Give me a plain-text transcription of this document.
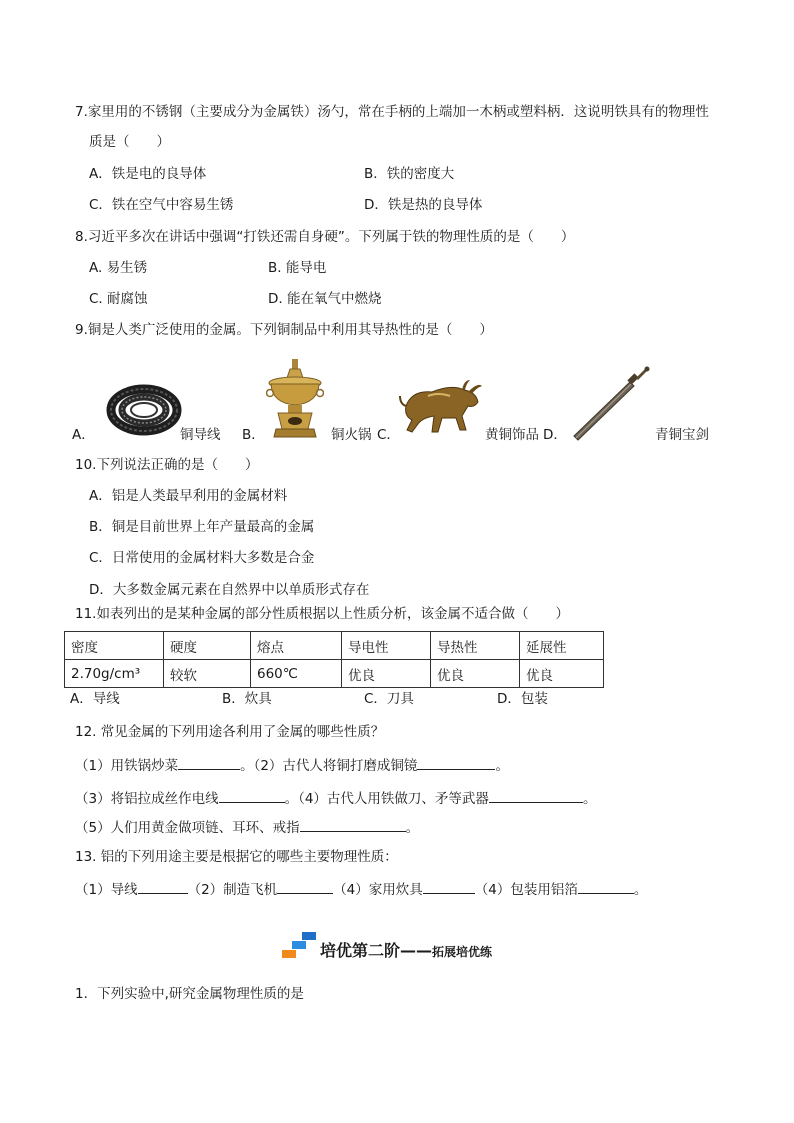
7.家里用的不锈钢（主要成分为金属铁）汤勺，常在手柄的上端加一木柄或塑料柄．这说明铁具有的物理性
质是（　　）
A．铁是电的良导体	B．铁的密度大
C．铁在空气中容易生锈	D．铁是热的良导体
8.习近平多次在讲话中强调“打铁还需自身硬”。下列属于铁的物理性质的是（　　）
A. 易生锈	B. 能导电
C. 耐腐蚀	D. 能在氧气中燃烧
9.铜是人类广泛使用的金属。下列铜制品中利用其导热性的是（　　）
A．	铜导线 B．	铜火锅 C．	黄铜饰品 D．	青铜宝剑
10.下列说法正确的是（　　）
A．铝是人类最早利用的金属材料
B．铜是目前世界上年产量最高的金属
C．日常使用的金属材料大多数是合金
D．大多数金属元素在自然界中以单质形式存在
11.如表列出的是某种金属的部分性质根据以上性质分析，该金属不适合做（　　）
密度	硬度	熔点	导电性	导热性	延展性
2.70g/cm³	较软	660℃	优良	优良	优良
A．导线	B．炊具	C．刀具	D．包装
12. 常见金属的下列用途各利用了金属的哪些性质？
（1）用铁锅炒菜	。（2）古代人将铜打磨成铜镜	。
（3）将铝拉成丝作电线	。（4）古代人用铁做刀、矛等武器	。
（5）人们用黄金做项链、耳环、戒指	。
13. 铝的下列用途主要是根据它的哪些主要物理性质：
（1）导线	（2）制造飞机	（4）家用炊具	（4）包装用铝箔	。
培优第二阶——拓展培优练
1．下列实验中,研究金属物理性质的是
